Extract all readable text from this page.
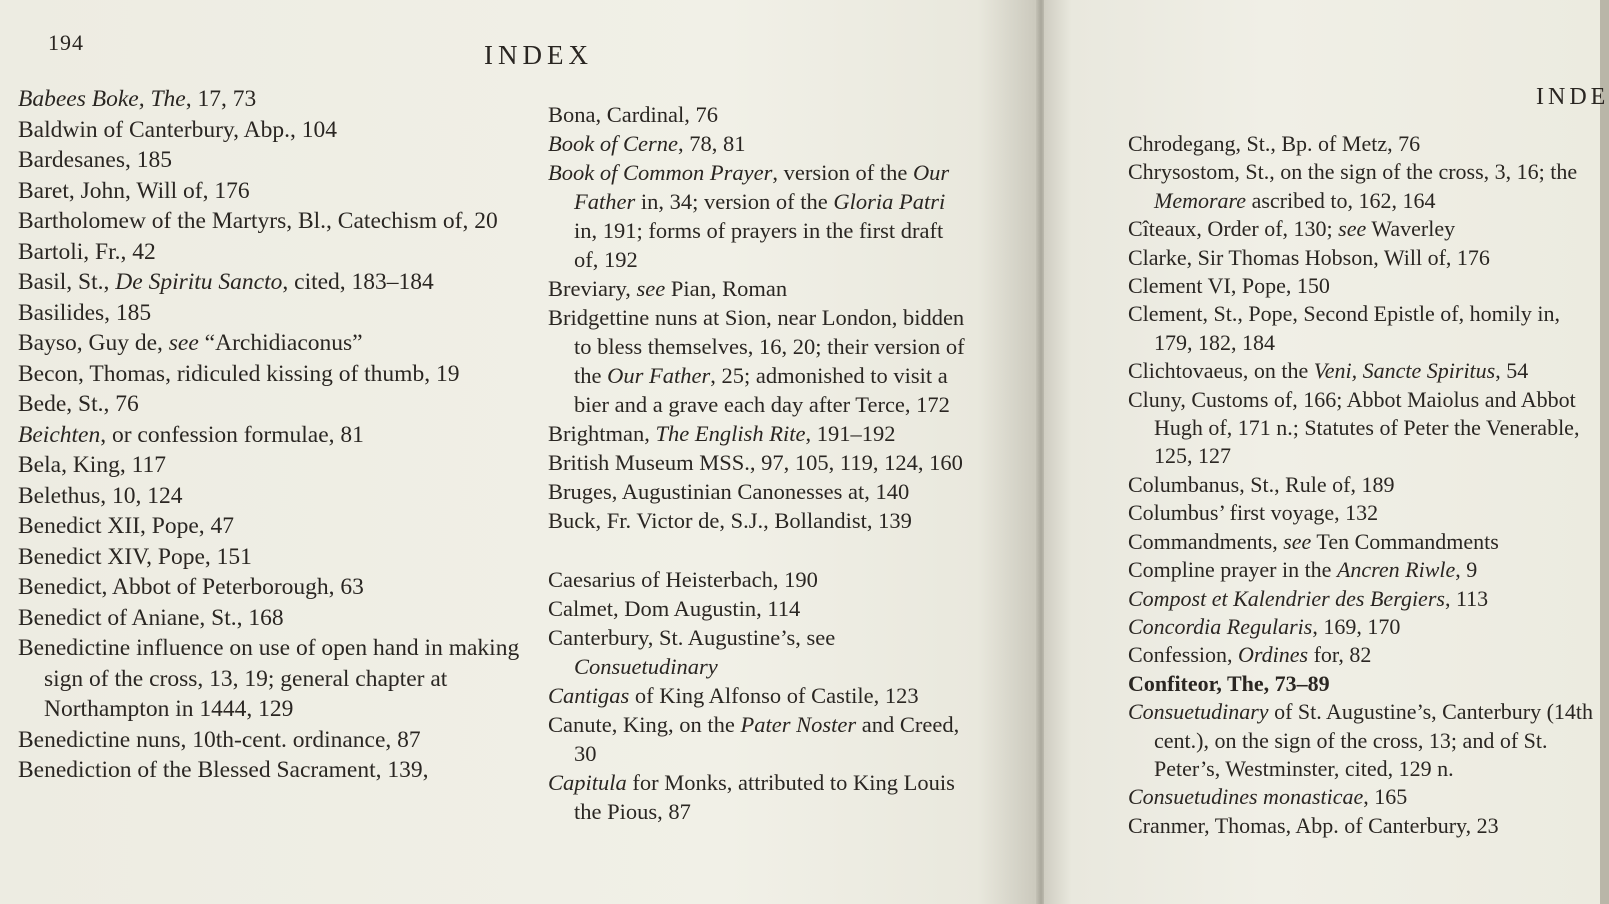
194	INDEX
Babees Boke, The, 17, 73
Baldwin of Canterbury, Abp., 104
Bardesanes, 185
Baret, John, Will of, 176
Bartholomew of the Martyrs, Bl., Catechism of, 20
Bartoli, Fr., 42
Basil, St., De Spiritu Sancto, cited, 183–184
Basilides, 185
Bayso, Guy de, see “Archidiaconus”
Becon, Thomas, ridiculed kissing of thumb, 19
Bede, St., 76
Beichten, or confession formulae, 81
Bela, King, 117
Belethus, 10, 124
Benedict XII, Pope, 47
Benedict XIV, Pope, 151
Benedict, Abbot of Peterborough, 63
Benedict of Aniane, St., 168
Benedictine influence on use of open hand in making sign of the cross, 13, 19; general chapter at Northampton in 1444, 129
Benedictine nuns, 10th-cent. ordinance, 87
Benediction of the Blessed Sacrament, 139,
Bona, Cardinal, 76
Book of Cerne, 78, 81
Book of Common Prayer, version of the Our Father in, 34; version of the Gloria Patri in, 191; forms of prayers in the first draft of, 192
Breviary, see Pian, Roman
Bridgettine nuns at Sion, near London, bidden to bless themselves, 16, 20; their version of the Our Father, 25; admonished to visit a bier and a grave each day after Terce, 172
Brightman, The English Rite, 191–192
British Museum MSS., 97, 105, 119, 124, 160
Bruges, Augustinian Canonesses at, 140
Buck, Fr. Victor de, S.J., Bollandist, 139
Caesarius of Heisterbach, 190
Calmet, Dom Augustin, 114
Canterbury, St. Augustine’s, see Consuetudinary
Cantigas of King Alfonso of Castile, 123
Canute, King, on the Pater Noster and Creed, 30
Capitula for Monks, attributed to King Louis the Pious, 87
INDE
Chrodegang, St., Bp. of Metz, 76
Chrysostom, St., on the sign of the cross, 3, 16; the Memorare ascribed to, 162, 164
Cîteaux, Order of, 130; see Waverley
Clarke, Sir Thomas Hobson, Will of, 176
Clement VI, Pope, 150
Clement, St., Pope, Second Epistle of, homily in, 179, 182, 184
Clichtovaeus, on the Veni, Sancte Spiritus, 54
Cluny, Customs of, 166; Abbot Maiolus and Abbot Hugh of, 171 n.; Statutes of Peter the Venerable, 125, 127
Columbanus, St., Rule of, 189
Columbus’ first voyage, 132
Commandments, see Ten Commandments
Compline prayer in the Ancren Riwle, 9
Compost et Kalendrier des Bergiers, 113
Concordia Regularis, 169, 170
Confession, Ordines for, 82
Confiteor, The, 73–89
Consuetudinary of St. Augustine’s, Canterbury (14th cent.), on the sign of the cross, 13; and of St. Peter’s, Westminster, cited, 129 n.
Consuetudines monasticae, 165
Cranmer, Thomas, Abp. of Canterbury, 23
